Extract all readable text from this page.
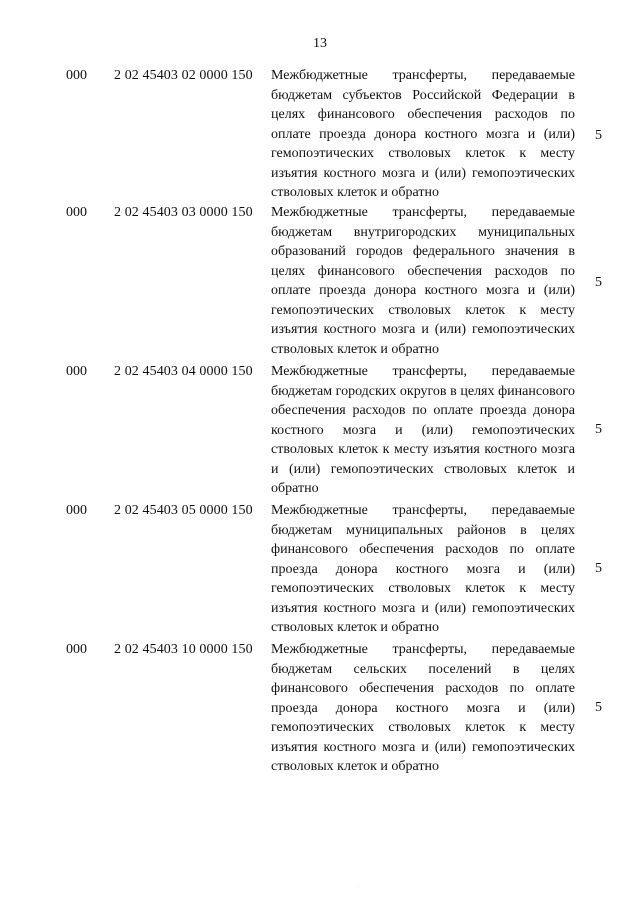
13
000 2 02 45403 02 0000 150 Межбюджетные трансферты, передаваемые бюджетам субъектов Российской Федерации в целях финансового обеспечения расходов по оплате проезда донора костного мозга и (или) гемопоэтических стволовых клеток к месту изъятия костного мозга и (или) гемопоэтических стволовых клеток и обратно
5
000 2 02 45403 03 0000 150 Межбюджетные трансферты, передаваемые бюджетам внутригородских муниципальных образований городов федерального значения в целях финансового обеспечения расходов по оплате проезда донора костного мозга и (или) гемопоэтических стволовых клеток к месту изъятия костного мозга и (или) гемопоэтических стволовых клеток и обратно
5
000 2 02 45403 04 0000 150 Межбюджетные трансферты, передаваемые бюджетам городских округов в целях финансового обеспечения расходов по оплате проезда донора костного мозга и (или) гемопоэтических стволовых клеток к месту изъятия костного мозга и (или) гемопоэтических стволовых клеток и обратно
5
000 2 02 45403 05 0000 150 Межбюджетные трансферты, передаваемые бюджетам муниципальных районов в целях финансового обеспечения расходов по оплате проезда донора костного мозга и (или) гемопоэтических стволовых клеток к месту изъятия костного мозга и (или) гемопоэтических стволовых клеток и обратно
5
000 2 02 45403 10 0000 150 Межбюджетные трансферты, передаваемые бюджетам сельских поселений в целях финансового обеспечения расходов по оплате проезда донора костного мозга и (или) гемопоэтических стволовых клеток к месту изъятия костного мозга и (или) гемопоэтических стволовых клеток и обратно
5
·
